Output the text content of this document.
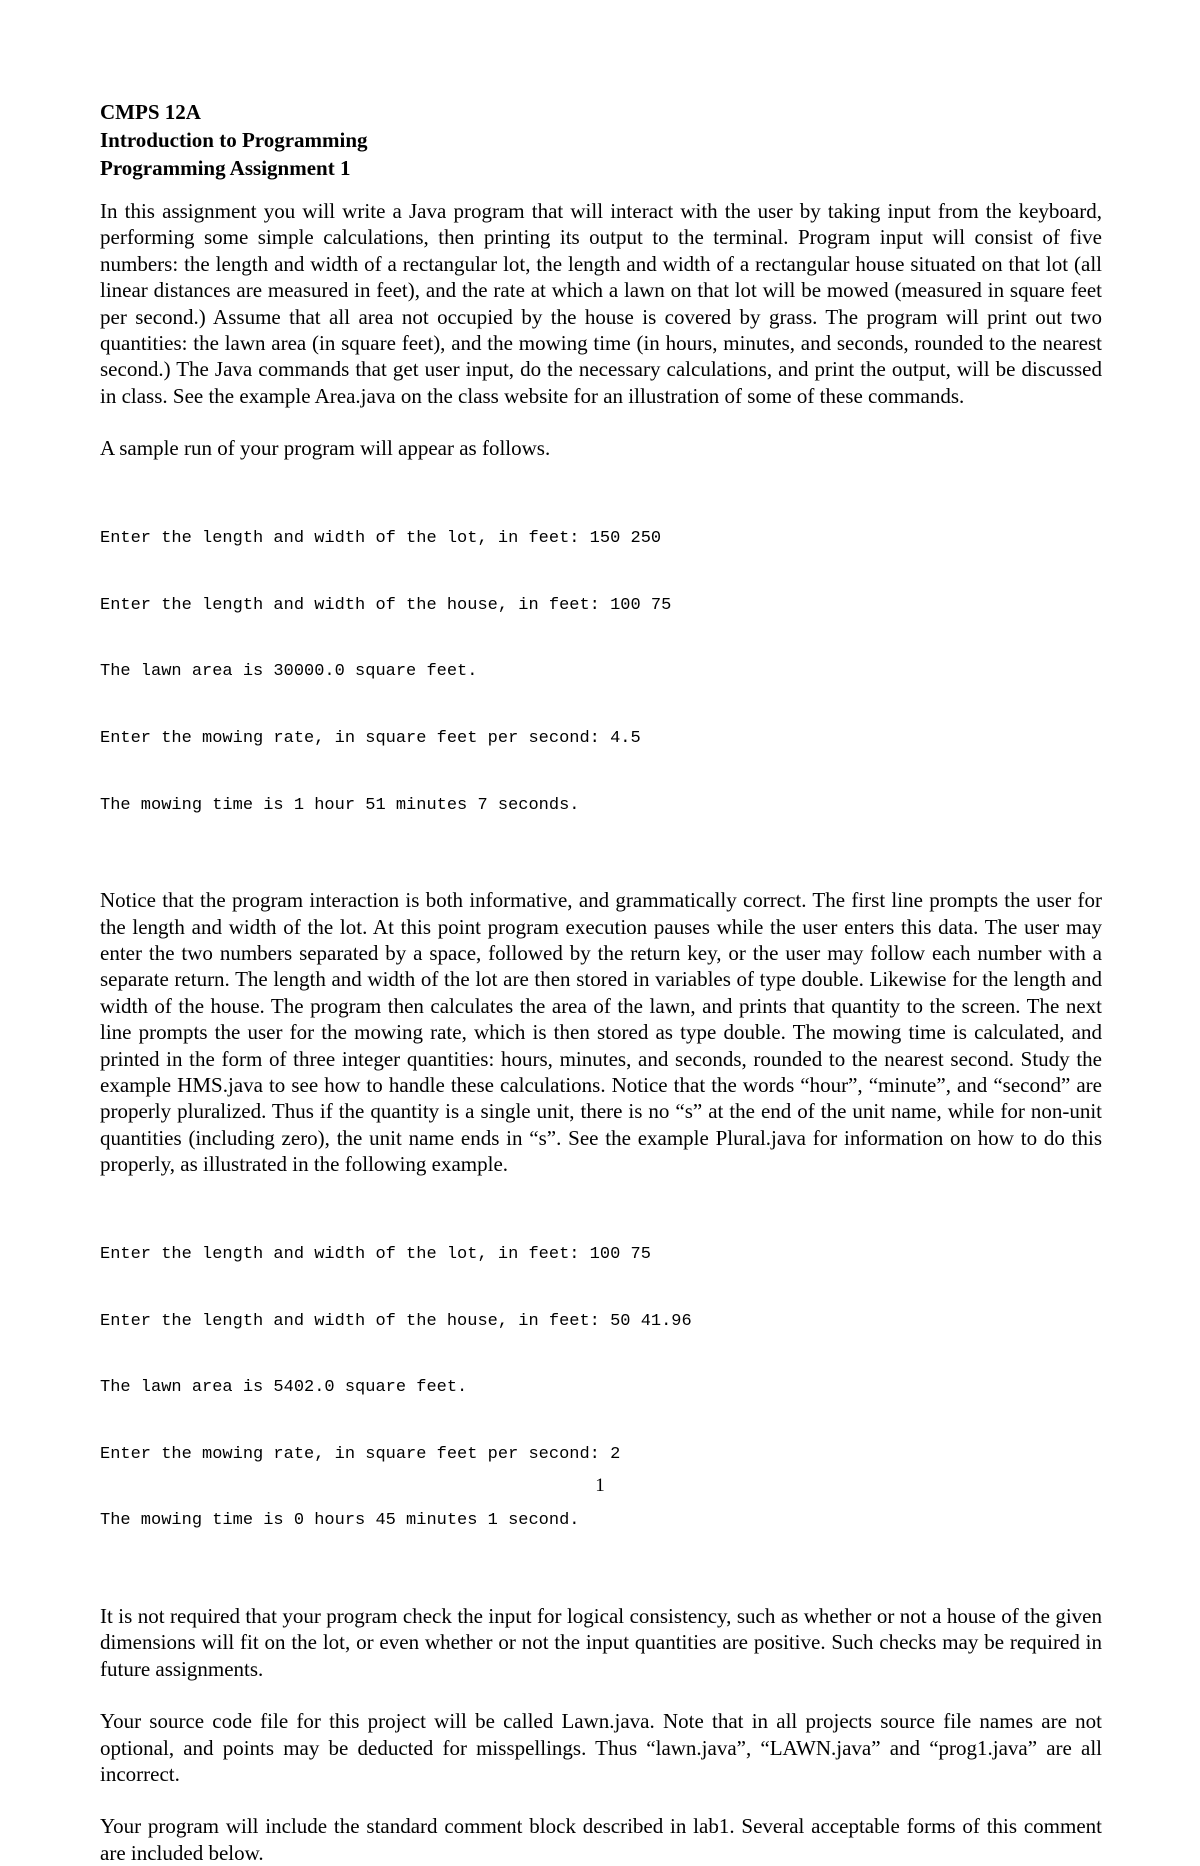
CMPS 12A
Introduction to Programming
Programming Assignment 1

In this assignment you will write a Java program that will interact with the user by taking input from the keyboard, performing some simple calculations, then printing its output to the terminal. Program input will consist of five numbers: the length and width of a rectangular lot, the length and width of a rectangular house situated on that lot (all linear distances are measured in feet), and the rate at which a lawn on that lot will be mowed (measured in square feet per second.) Assume that all area not occupied by the house is covered by grass. The program will print out two quantities: the lawn area (in square feet), and the mowing time (in hours, minutes, and seconds, rounded to the nearest second.) The Java commands that get user input, do the necessary calculations, and print the output, will be discussed in class. See the example Area.java on the class website for an illustration of some of these commands.

A sample run of your program will appear as follows.

Enter the length and width of the lot, in feet: 150 250

Enter the length and width of the house, in feet: 100 75

The lawn area is 30000.0 square feet.

Enter the mowing rate, in square feet per second: 4.5

The mowing time is 1 hour 51 minutes 7 seconds.

Notice that the program interaction is both informative, and grammatically correct. The first line prompts the user for the length and width of the lot. At this point program execution pauses while the user enters this data. The user may enter the two numbers separated by a space, followed by the return key, or the user may follow each number with a separate return. The length and width of the lot are then stored in variables of type double. Likewise for the length and width of the house. The program then calculates the area of the lawn, and prints that quantity to the screen. The next line prompts the user for the mowing rate, which is then stored as type double. The mowing time is calculated, and printed in the form of three integer quantities: hours, minutes, and seconds, rounded to the nearest second. Study the example HMS.java to see how to handle these calculations. Notice that the words “hour”, “minute”, and “second” are properly pluralized. Thus if the quantity is a single unit, there is no “s” at the end of the unit name, while for non-unit quantities (including zero), the unit name ends in “s”. See the example Plural.java for information on how to do this properly, as illustrated in the following example.

Enter the length and width of the lot, in feet: 100 75

Enter the length and width of the house, in feet: 50 41.96

The lawn area is 5402.0 square feet.

Enter the mowing rate, in square feet per second: 2

The mowing time is 0 hours 45 minutes 1 second.

It is not required that your program check the input for logical consistency, such as whether or not a house of the given dimensions will fit on the lot, or even whether or not the input quantities are positive. Such checks may be required in future assignments.

Your source code file for this project will be called Lawn.java. Note that in all projects source file names are not optional, and points may be deducted for misspellings. Thus “lawn.java”, “LAWN.java” and “prog1.java” are all incorrect.

Your program will include the standard comment block described in lab1. Several acceptable forms of this comment are included below.

1
